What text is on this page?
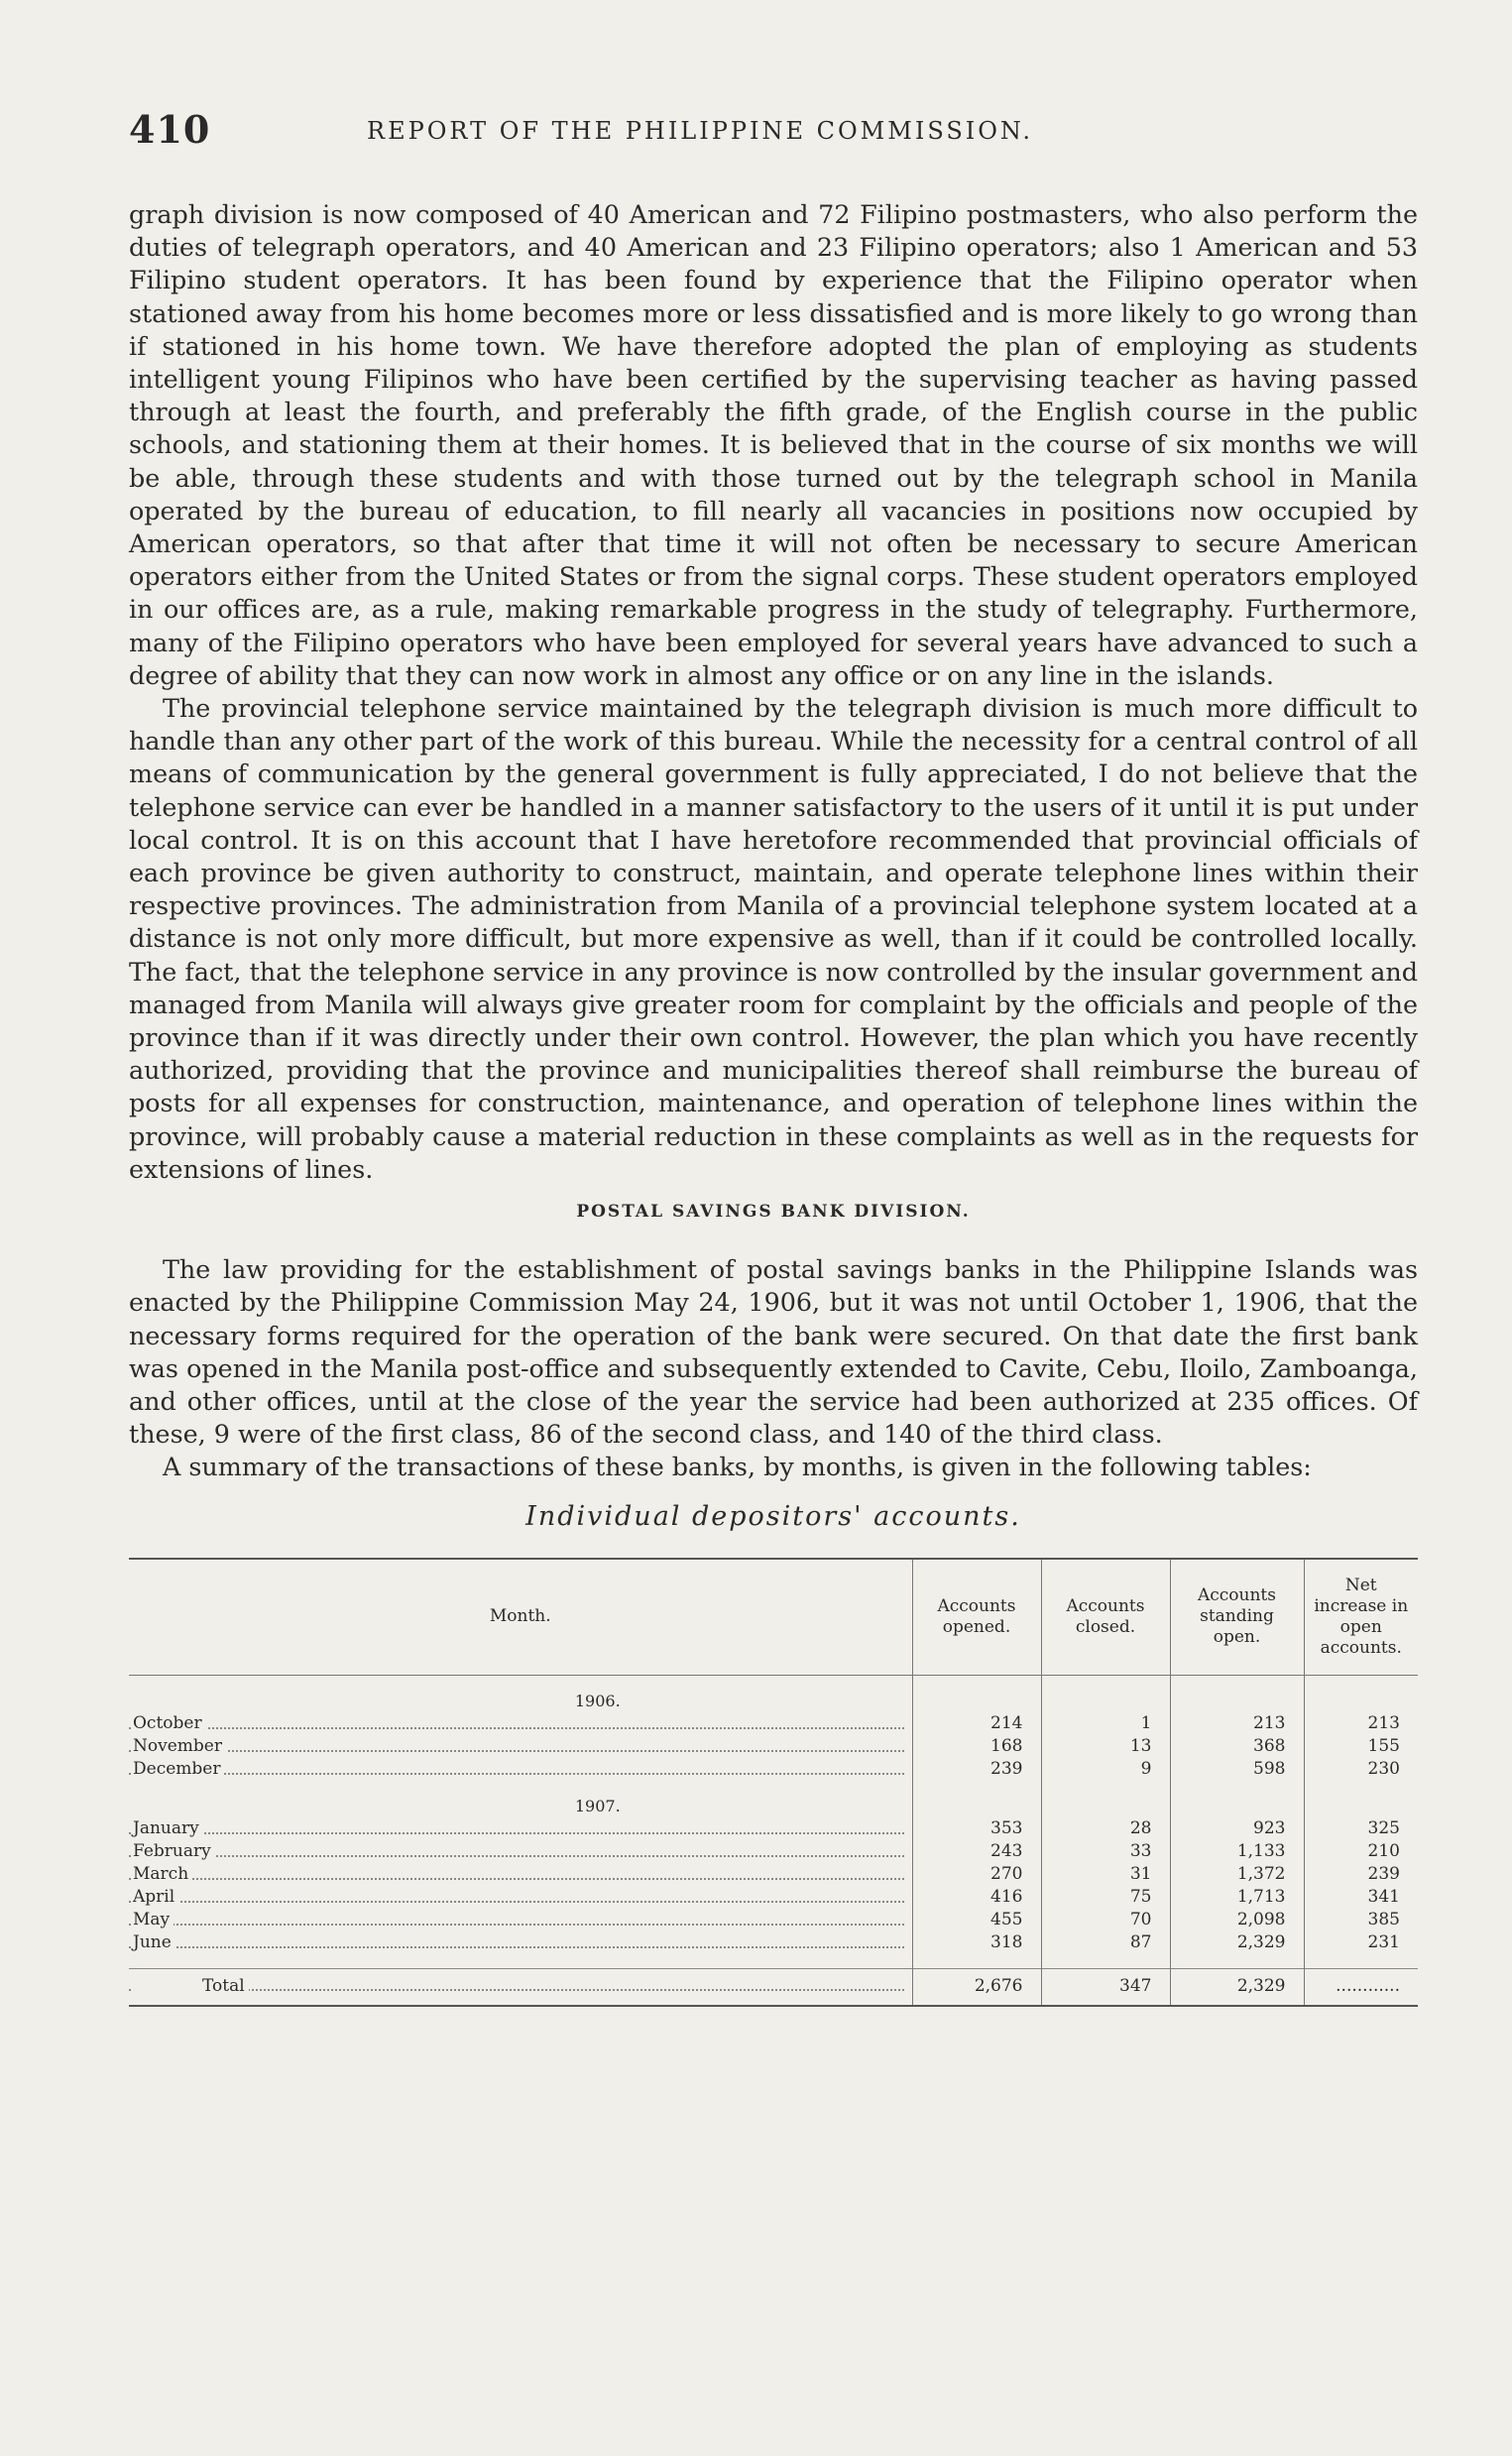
410	REPORT OF THE PHILIPPINE COMMISSION.

graph division is now composed of 40 American and 72 Filipino postmasters, who also perform the duties of telegraph operators, and 40 American and 23 Filipino operators; also 1 American and 53 Filipino student operators. It has been found by experience that the Filipino operator when stationed away from his home becomes more or less dissatisfied and is more likely to go wrong than if stationed in his home town. We have therefore adopted the plan of employing as students intelligent young Filipinos who have been certified by the supervising teacher as having passed through at least the fourth, and preferably the fifth grade, of the English course in the public schools, and stationing them at their homes. It is believed that in the course of six months we will be able, through these students and with those turned out by the telegraph school in Manila operated by the bureau of education, to fill nearly all vacancies in positions now occupied by American operators, so that after that time it will not often be necessary to secure American operators either from the United States or from the signal corps. These student operators employed in our offices are, as a rule, making remarkable progress in the study of telegraphy. Furthermore, many of the Filipino operators who have been employed for several years have advanced to such a degree of ability that they can now work in almost any office or on any line in the islands.

The provincial telephone service maintained by the telegraph division is much more difficult to handle than any other part of the work of this bureau. While the necessity for a central control of all means of communication by the general government is fully appreciated, I do not believe that the telephone service can ever be handled in a manner satisfactory to the users of it until it is put under local control. It is on this account that I have heretofore recommended that provincial officials of each province be given authority to construct, maintain, and operate telephone lines within their respective provinces. The administration from Manila of a provincial telephone system located at a distance is not only more difficult, but more expensive as well, than if it could be controlled locally. The fact, that the telephone service in any province is now controlled by the insular government and managed from Manila will always give greater room for complaint by the officials and people of the province than if it was directly under their own control. However, the plan which you have recently authorized, providing that the province and municipalities thereof shall reimburse the bureau of posts for all expenses for construction, maintenance, and operation of telephone lines within the province, will probably cause a material reduction in these complaints as well as in the requests for extensions of lines.

POSTAL SAVINGS BANK DIVISION.

The law providing for the establishment of postal savings banks in the Philippine Islands was enacted by the Philippine Commission May 24, 1906, but it was not until October 1, 1906, that the necessary forms required for the operation of the bank were secured. On that date the first bank was opened in the Manila post-office and subsequently extended to Cavite, Cebu, Iloilo, Zamboanga, and other offices, until at the close of the year the service had been authorized at 235 offices. Of these, 9 were of the first class, 86 of the second class, and 140 of the third class.

A summary of the transactions of these banks, by months, is given in the following tables:

Individual depositors' accounts.
Month.	Accounts opened.	Accounts closed.	Accounts standing open.	Net increase in open accounts.

1906.				
October	214	1	213	213
November	168	13	368	155
December	239	9	598	230

1907.				
January	353	28	923	325
February	243	33	1,133	210
March	270	31	1,372	239
April	416	75	1,713	341
May	455	70	2,098	385
June	318	87	2,329	231

Total	2,676	347	2,329	............
